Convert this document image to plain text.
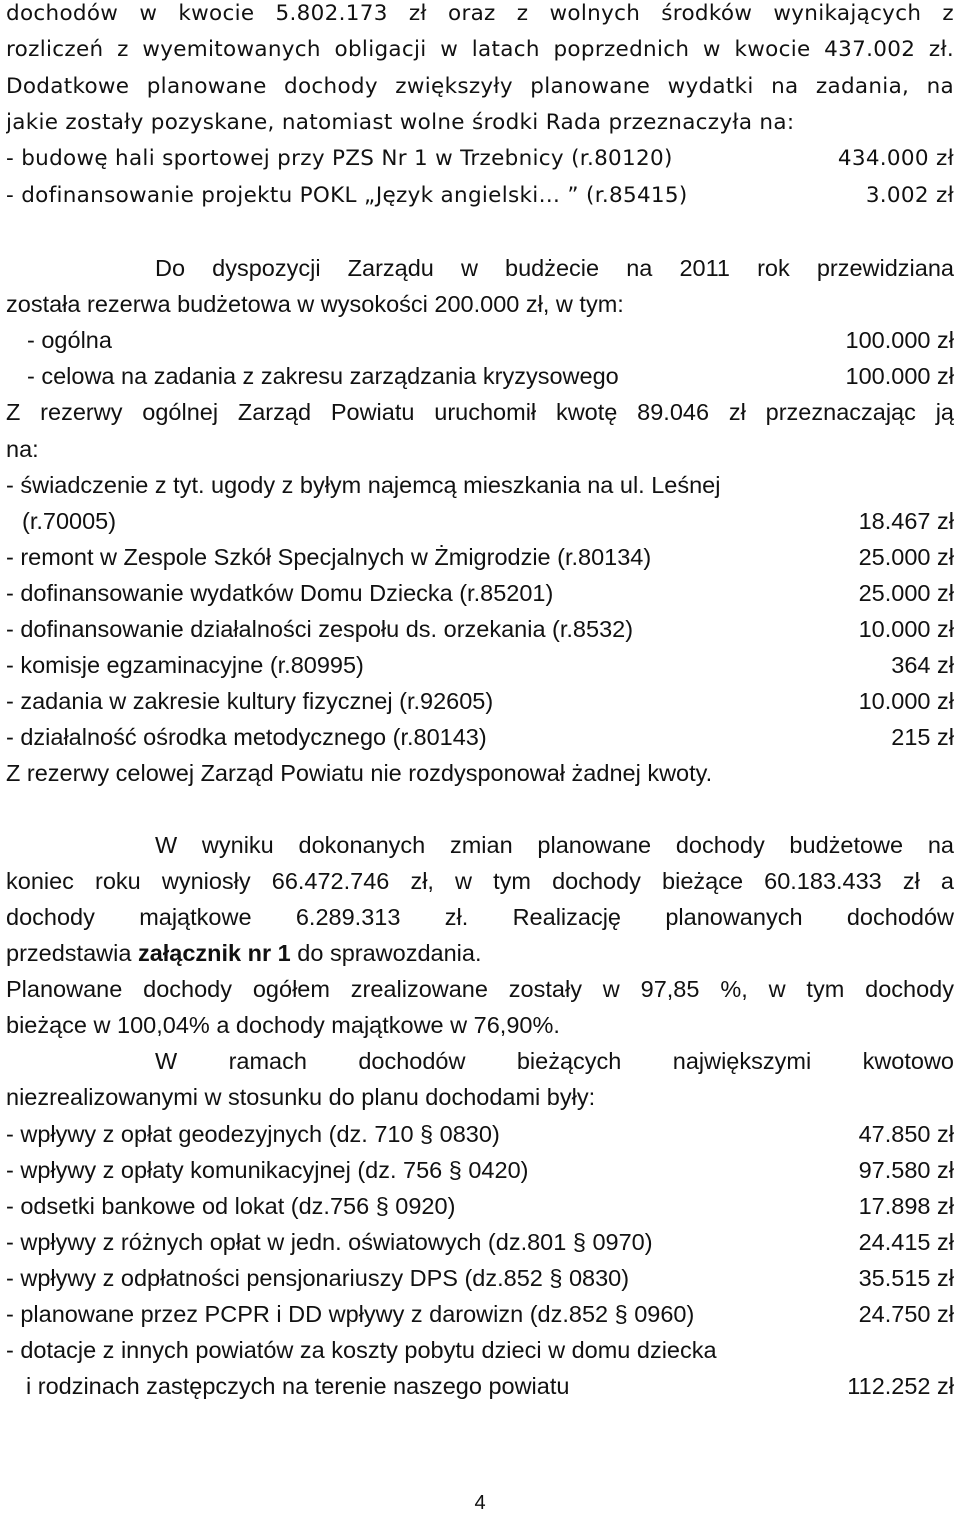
dochodów w kwocie 5.802.173 zł oraz z wolnych środków wynikających z
rozliczeń z wyemitowanych obligacji w latach poprzednich w kwocie 437.002 zł.
Dodatkowe planowane dochody zwiększyły planowane wydatki na zadania, na
jakie zostały pozyskane, natomiast wolne środki Rada przeznaczyła na:
- budowę hali sportowej przy PZS Nr 1 w Trzebnicy (r.80120)	434.000 zł
- dofinansowanie projektu POKL „Język angielski… ” (r.85415)	3.002 zł
Do dyspozycji Zarządu w budżecie na 2011 rok przewidziana
została rezerwa budżetowa w wysokości 200.000 zł, w tym:
- ogólna	100.000 zł
- celowa na zadania z zakresu zarządzania kryzysowego	100.000 zł
Z rezerwy ogólnej Zarząd Powiatu uruchomił kwotę 89.046 zł przeznaczając ją
na:
- świadczenie z tyt. ugody z byłym najemcą mieszkania na ul. Leśnej
(r.70005)	18.467 zł
- remont w Zespole Szkół Specjalnych w Żmigrodzie (r.80134)	25.000 zł
- dofinansowanie wydatków Domu Dziecka (r.85201)	25.000 zł
- dofinansowanie działalności zespołu ds. orzekania (r.8532)	10.000 zł
- komisje egzaminacyjne (r.80995)	364 zł
- zadania w zakresie kultury fizycznej (r.92605)	10.000 zł
- działalność ośrodka metodycznego (r.80143)	215 zł
Z rezerwy celowej Zarząd Powiatu nie rozdysponował żadnej kwoty.
W wyniku dokonanych zmian planowane dochody budżetowe na
koniec roku wyniosły 66.472.746 zł, w tym dochody bieżące 60.183.433 zł a
dochody majątkowe 6.289.313 zł. Realizację planowanych dochodów
przedstawia załącznik nr 1 do sprawozdania.
Planowane dochody ogółem zrealizowane zostały w 97,85 %, w tym dochody
bieżące w 100,04% a dochody majątkowe w 76,90%.
W ramach dochodów bieżących największymi kwotowo
niezrealizowanymi w stosunku do planu dochodami były:
- wpływy z opłat geodezyjnych (dz. 710 § 0830)	47.850 zł
- wpływy z opłaty komunikacyjnej (dz. 756 § 0420)	97.580 zł
- odsetki bankowe od lokat (dz.756 § 0920)	17.898 zł
- wpływy z różnych opłat w jedn. oświatowych (dz.801 § 0970)	24.415 zł
- wpływy z odpłatności pensjonariuszy DPS (dz.852 § 0830)	35.515 zł
- planowane przez PCPR i DD wpływy z darowizn (dz.852 § 0960)	24.750 zł
- dotacje z innych powiatów za koszty pobytu dzieci w domu dziecka
i rodzinach zastępczych na terenie naszego powiatu	112.252 zł
4
